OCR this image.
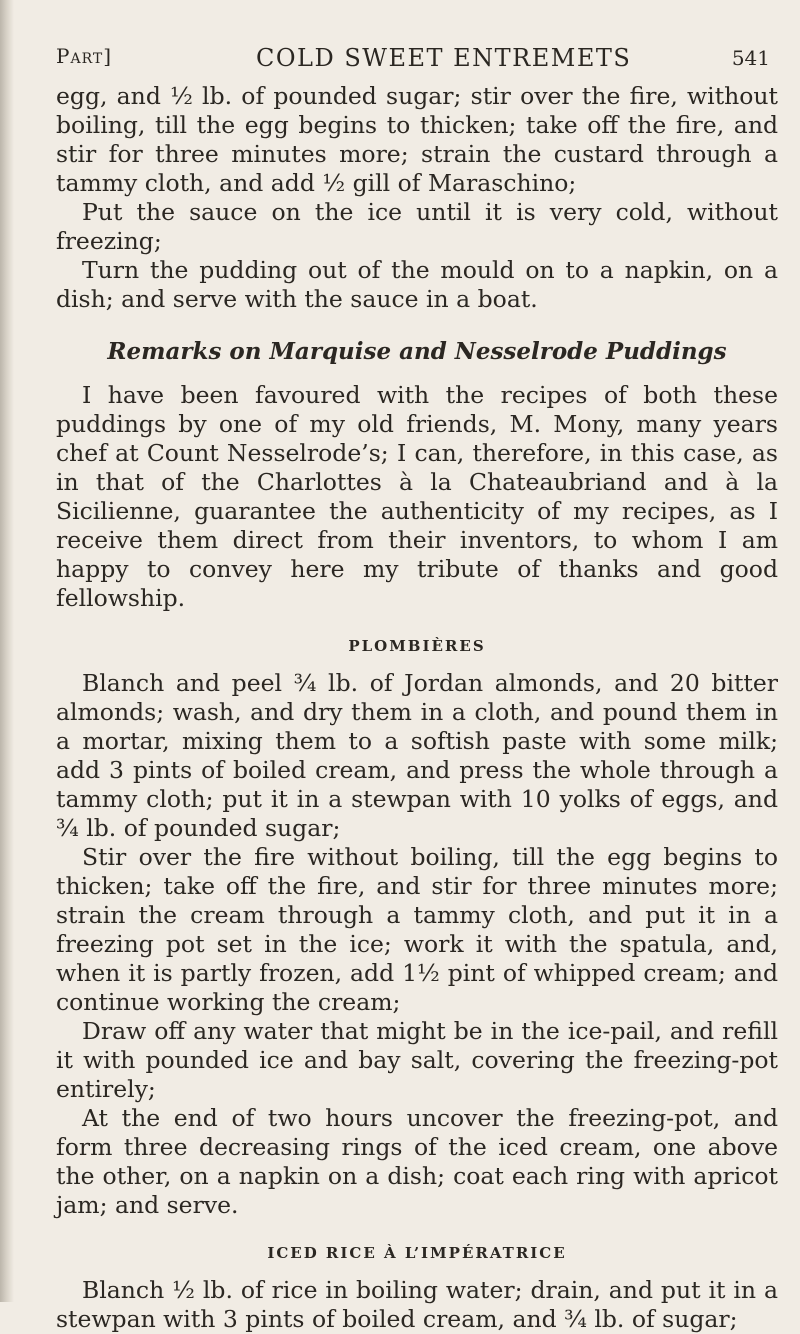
Part]	COLD SWEET ENTREMETS	541

egg, and ½ lb. of pounded sugar; stir over the fire, without boiling, till the egg begins to thicken; take off the fire, and stir for three minutes more; strain the custard through a tammy cloth, and add ½ gill of Maraschino;

Put the sauce on the ice until it is very cold, without freezing;

Turn the pudding out of the mould on to a napkin, on a dish; and serve with the sauce in a boat.

Remarks on Marquise and Nesselrode Puddings

I have been favoured with the recipes of both these puddings by one of my old friends, M. Mony, many years chef at Count Nesselrode’s; I can, therefore, in this case, as in that of the Charlottes à la Chateaubriand and à la Sicilienne, guarantee the authenticity of my recipes, as I receive them direct from their inventors, to whom I am happy to convey here my tribute of thanks and good fellowship.

PLOMBIÈRES

Blanch and peel ¾ lb. of Jordan almonds, and 20 bitter almonds; wash, and dry them in a cloth, and pound them in a mortar, mixing them to a softish paste with some milk; add 3 pints of boiled cream, and press the whole through a tammy cloth; put it in a stewpan with 10 yolks of eggs, and ¾ lb. of pounded sugar;

Stir over the fire without boiling, till the egg begins to thicken; take off the fire, and stir for three minutes more; strain the cream through a tammy cloth, and put it in a freezing pot set in the ice; work it with the spatula, and, when it is partly frozen, add 1½ pint of whipped cream; and continue working the cream;

Draw off any water that might be in the ice-pail, and refill it with pounded ice and bay salt, covering the freezing-pot entirely;

At the end of two hours uncover the freezing-pot, and form three decreasing rings of the iced cream, one above the other, on a napkin on a dish; coat each ring with apricot jam; and serve.

ICED RICE À L’IMPÉRATRICE

Blanch ½ lb. of rice in boiling water; drain, and put it in a stewpan with 3 pints of boiled cream, and ¾ lb. of sugar;
